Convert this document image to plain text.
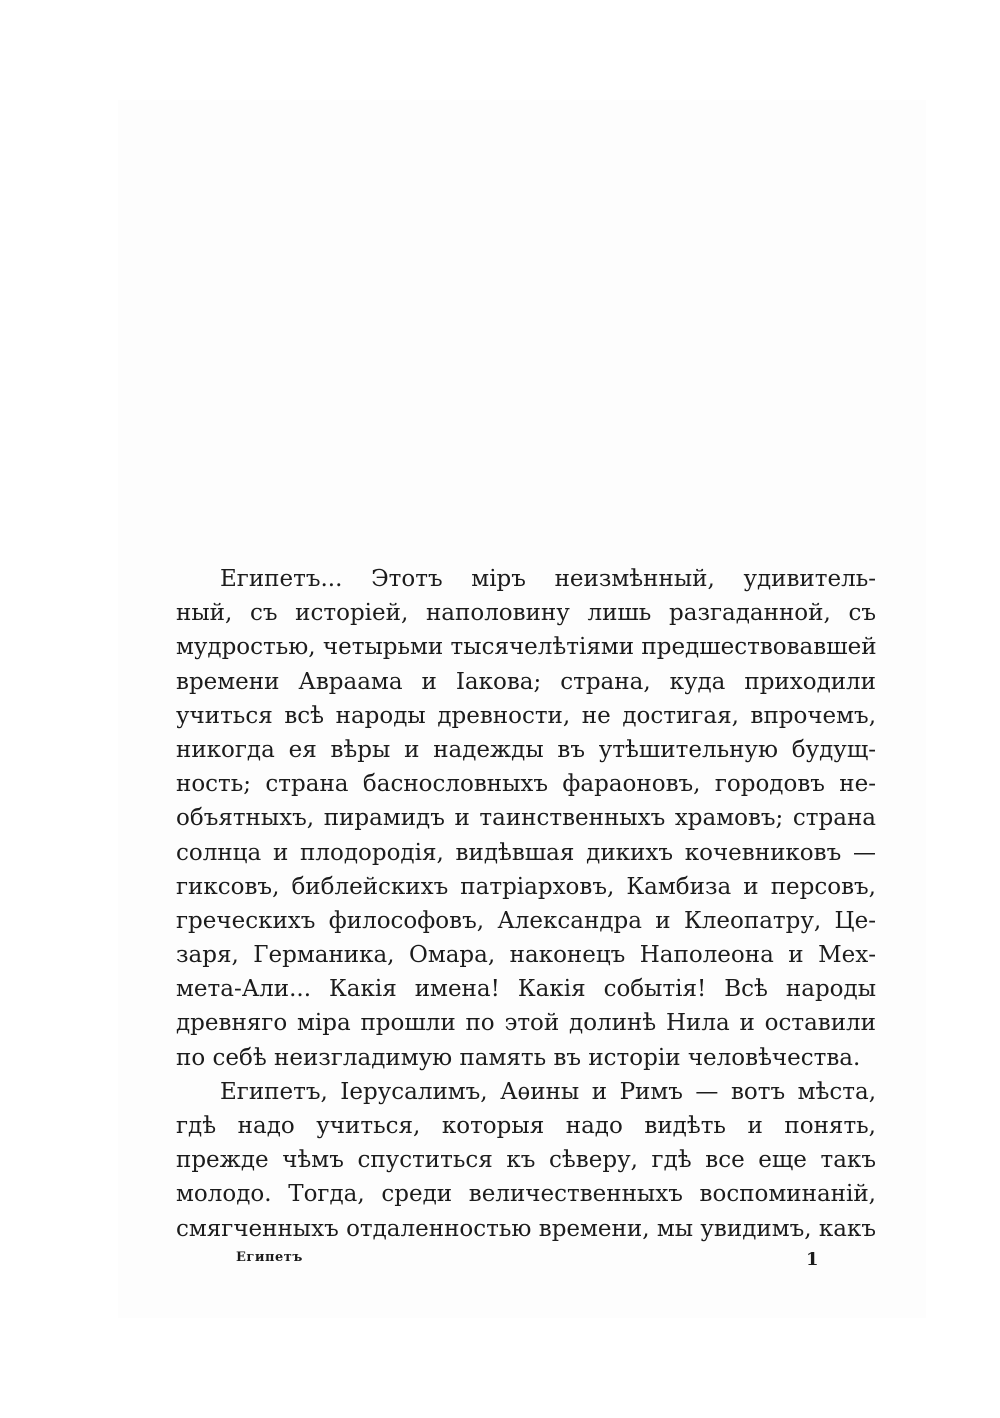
Египетъ... Этотъ міръ неизмѣнный, удивитель-
ный, съ исторіей, наполовину лишь разгаданной, съ
мудростью, четырьми тысячелѣтіями предшествовавшей
времени Авраама и Іакова; страна, куда приходили
учиться всѣ народы древности, не достигая, впрочемъ,
никогда ея вѣры и надежды въ утѣшительную будущ-
ность; страна баснословныхъ фараоновъ, городовъ не-
объятныхъ, пирамидъ и таинственныхъ храмовъ; страна
солнца и плодородія, видѣвшая дикихъ кочевниковъ —
гиксовъ, библейскихъ патріарховъ, Камбиза и персовъ,
греческихъ философовъ, Александра и Клеопатру, Це-
заря, Германика, Омара, наконецъ Наполеона и Мех-
мета-Али... Какія имена! Какія событія! Всѣ народы
древняго міра прошли по этой долинѣ Нила и оставили
по себѣ неизгладимую память въ исторіи человѣчества.
Египетъ, Іерусалимъ, Аѳины и Римъ — вотъ мѣста,
гдѣ надо учиться, которыя надо видѣть и понять,
прежде чѣмъ спуститься къ сѣверу, гдѣ все еще такъ
молодо. Тогда, среди величественныхъ воспоминаній,
смягченныхъ отдаленностью времени, мы увидимъ, какъ
Египетъ	1
